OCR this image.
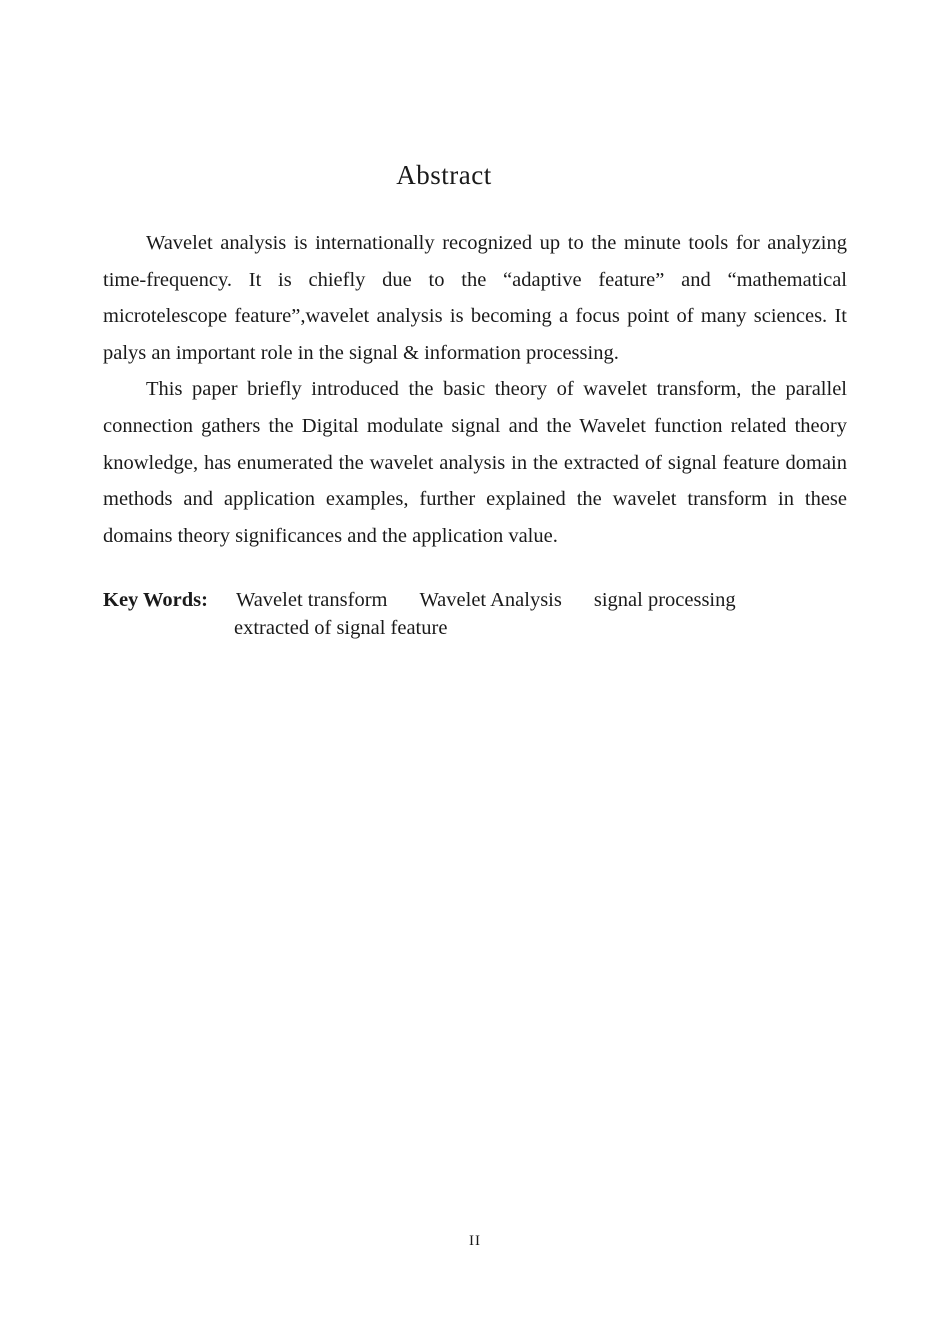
Abstract

Wavelet analysis is internationally recognized up to the minute tools for analyzing time-frequency. It is chiefly due to the “adaptive feature” and “mathematical microtelescope feature”,wavelet analysis is becoming a focus point of many sciences. It palys an important role in the signal & information processing.

This paper briefly introduced the basic theory of wavelet transform, the parallel connection gathers the Digital modulate signal and the Wavelet function related theory knowledge, has enumerated the wavelet analysis in the extracted of signal feature domain methods and application examples, further explained the wavelet transform in these domains theory significances and the application value.

Key Words: Wavelet transform Wavelet Analysis signal processing
extracted of signal feature
II
